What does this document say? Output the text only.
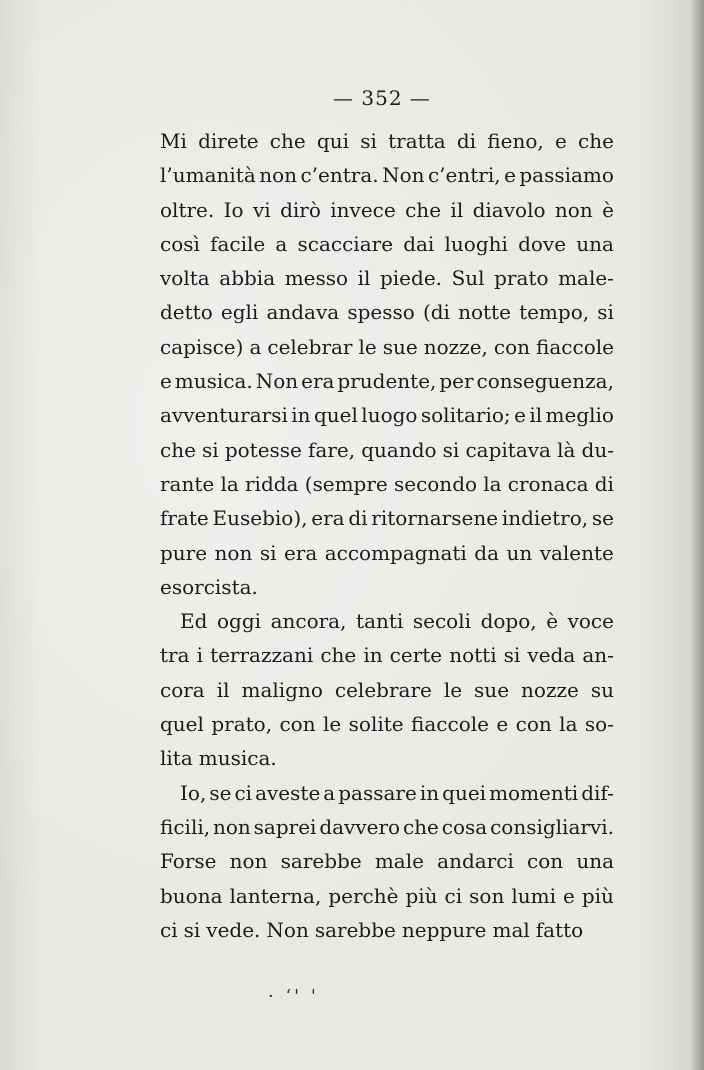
— 352 —
Mi direte che qui si tratta di fieno, e che
l’umanità non c’entra. Non c’entri, e passiamo
oltre. Io vi dirò invece che il diavolo non è
così facile a scacciare dai luoghi dove una
volta abbia messo il piede. Sul prato male-
detto egli andava spesso (di notte tempo, si
capisce) a celebrar le sue nozze, con fiaccole
e musica. Non era prudente, per conseguenza,
avventurarsi in quel luogo solitario; e il meglio
che si potesse fare, quando si capitava là du-
rante la ridda (sempre secondo la cronaca di
frate Eusebio), era di ritornarsene indietro, se
pure non si era accompagnati da un valente
esorcista.
Ed oggi ancora, tanti secoli dopo, è voce
tra i terrazzani che in certe notti si veda an-
cora il maligno celebrare le sue nozze su
quel prato, con le solite fiaccole e con la so-
lita musica.
Io, se ci aveste a passare in quei momenti dif-
ficili, non saprei davvero che cosa consigliarvi.
Forse non sarebbe male andarci con una
buona lanterna, perchè più ci son lumi e più
ci si vede. Non sarebbe neppure mal fatto
· ‘ꞌ ꞌ
